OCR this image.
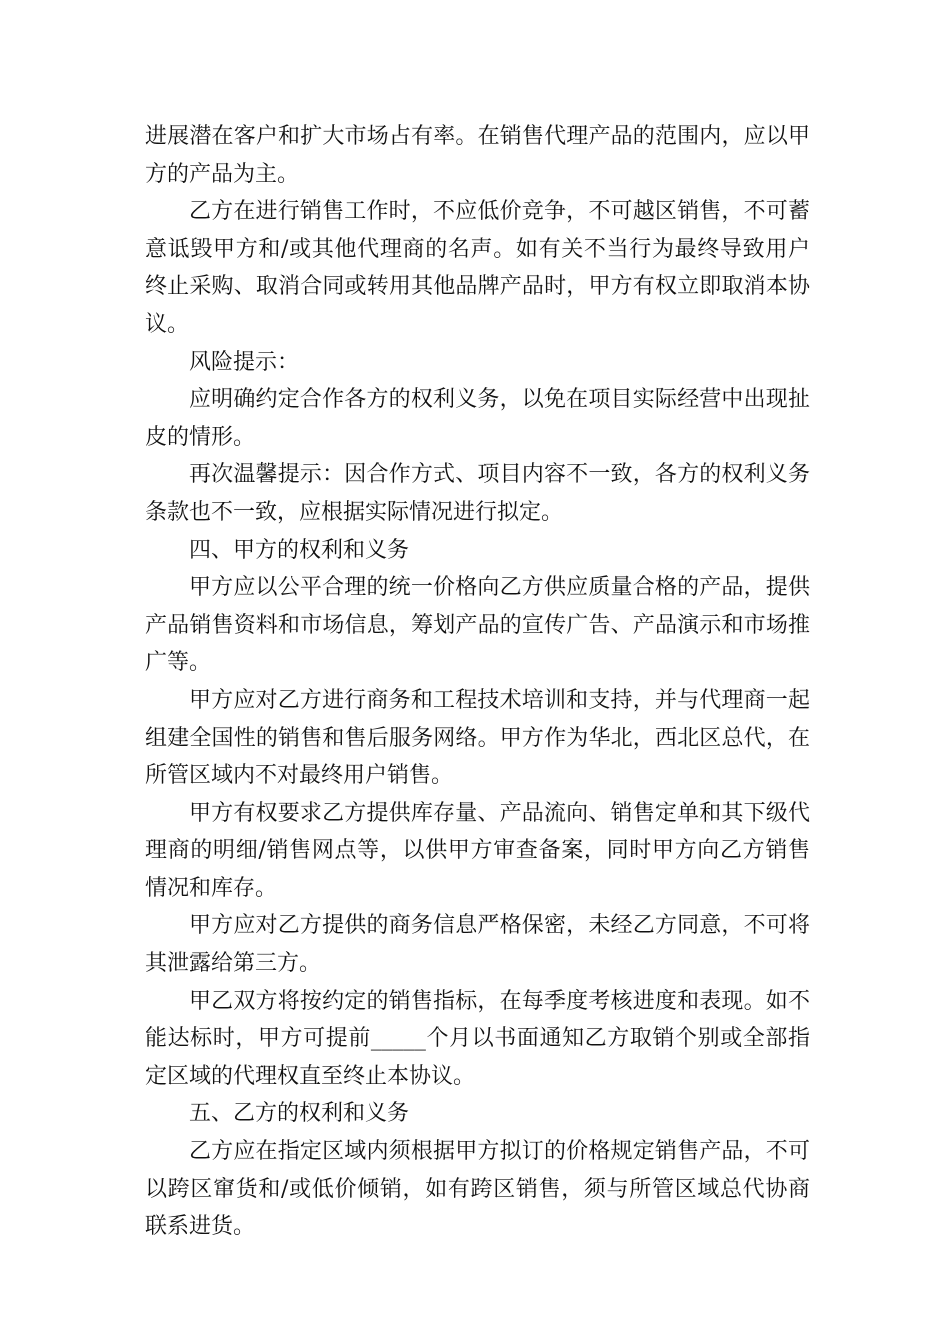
进展潜在客户和扩大市场占有率。在销售代理产品的范围内，应以甲方的产品为主。

乙方在进行销售工作时，不应低价竞争，不可越区销售，不可蓄意诋毁甲方和/或其他代理商的名声。如有关不当行为最终导致用户终止采购、取消合同或转用其他品牌产品时，甲方有权立即取消本协议。

风险提示：

应明确约定合作各方的权利义务，以免在项目实际经营中出现扯皮的情形。

再次温馨提示：因合作方式、项目内容不一致，各方的权利义务条款也不一致，应根据实际情况进行拟定。

四、甲方的权利和义务

甲方应以公平合理的统一价格向乙方供应质量合格的产品，提供产品销售资料和市场信息，筹划产品的宣传广告、产品演示和市场推广等。

甲方应对乙方进行商务和工程技术培训和支持，并与代理商一起组建全国性的销售和售后服务网络。甲方作为华北，西北区总代，在所管区域内不对最终用户销售。

甲方有权要求乙方提供库存量、产品流向、销售定单和其下级代理商的明细/销售网点等，以供甲方审查备案，同时甲方向乙方销售情况和库存。

甲方应对乙方提供的商务信息严格保密，未经乙方同意，不可将其泄露给第三方。

甲乙双方将按约定的销售指标，在每季度考核进度和表现。如不能达标时，甲方可提前_____个月以书面通知乙方取销个别或全部指定区域的代理权直至终止本协议。

五、乙方的权利和义务

乙方应在指定区域内须根据甲方拟订的价格规定销售产品，不可以跨区窜货和/或低价倾销，如有跨区销售，须与所管区域总代协商联系进货。
